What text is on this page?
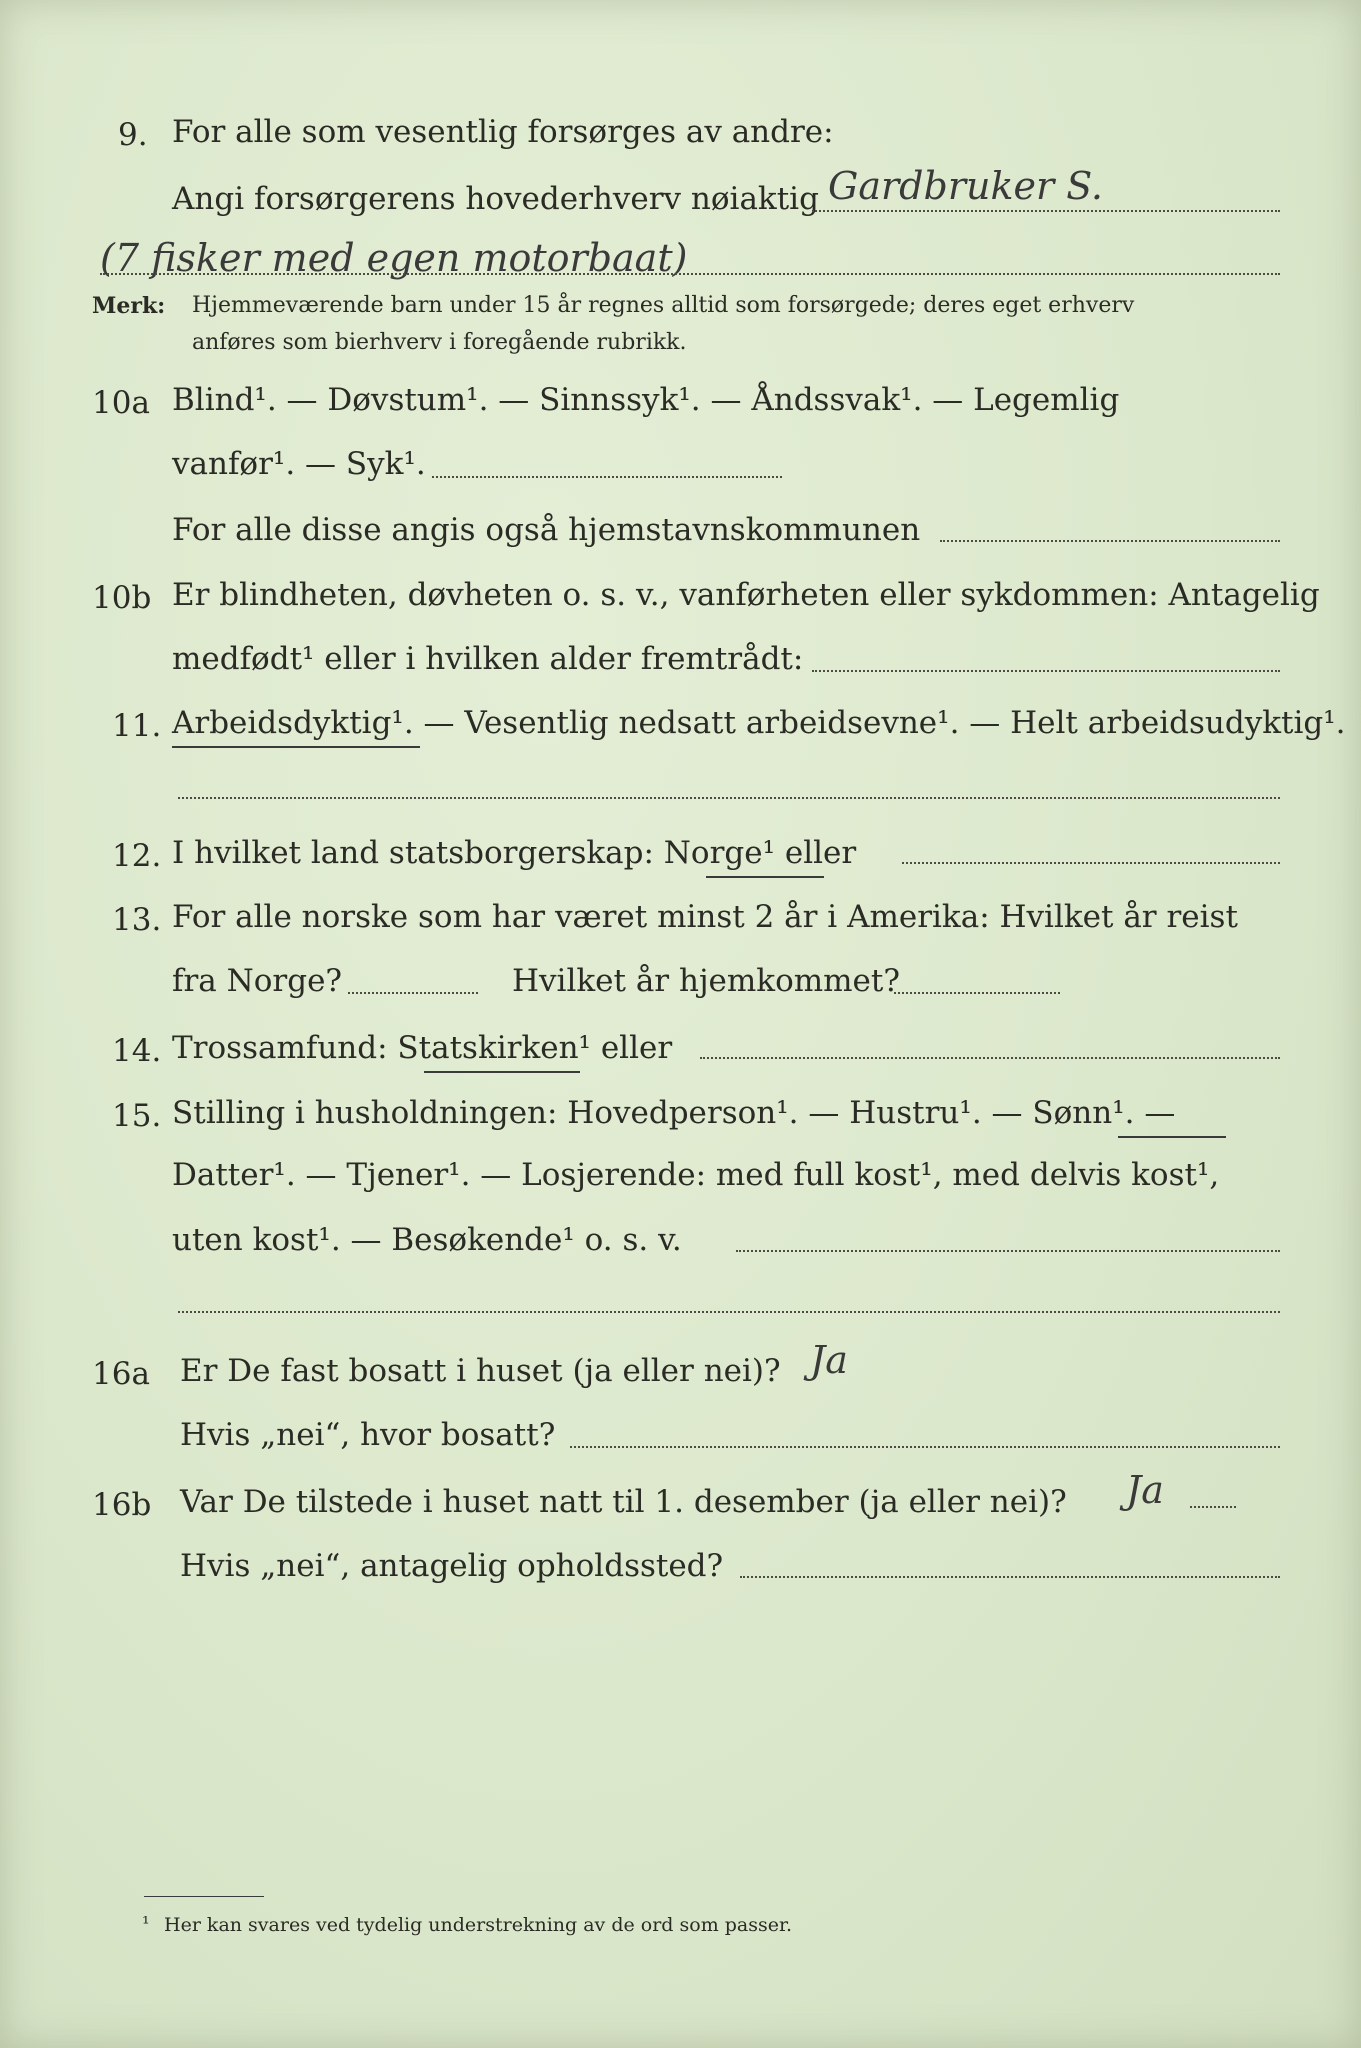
9. For alle som vesentlig forsørges av andre:
Angi forsørgerens hovederhverv nøiaktig Gardbruker S.
(7 fisker med egen motorbaat)
Merk: Hjemmeværende barn under 15 år regnes alltid som forsørgede; deres eget erhverv
anføres som bierhverv i foregående rubrikk.
10a Blind¹. — Døvstum¹. — Sinnssyk¹. — Åndssvak¹. — Legemlig
vanfør¹. — Syk¹.
For alle disse angis også hjemstavnskommunen
10b Er blindheten, døvheten o. s. v., vanførheten eller sykdommen: Antagelig
medfødt¹ eller i hvilken alder fremtrådt:
11. Arbeidsdyktig¹. — Vesentlig nedsatt arbeidsevne¹. — Helt arbeidsudyktig¹.
12. I hvilket land statsborgerskap: Norge¹ eller
13. For alle norske som har været minst 2 år i Amerika: Hvilket år reist
fra Norge?	Hvilket år hjemkommet?
14. Trossamfund: Statskirken¹ eller
15. Stilling i husholdningen: Hovedperson¹. — Hustru¹. — Sønn¹. —
Datter¹. — Tjener¹. — Losjerende: med full kost¹, med delvis kost¹,
uten kost¹. — Besøkende¹ o. s. v.
16a Er De fast bosatt i huset (ja eller nei)? Ja
Hvis „nei“, hvor bosatt?
16b Var De tilstede i huset natt til 1. desember (ja eller nei)? Ja
Hvis „nei“, antagelig opholdssted?
¹ Her kan svares ved tydelig understrekning av de ord som passer.
